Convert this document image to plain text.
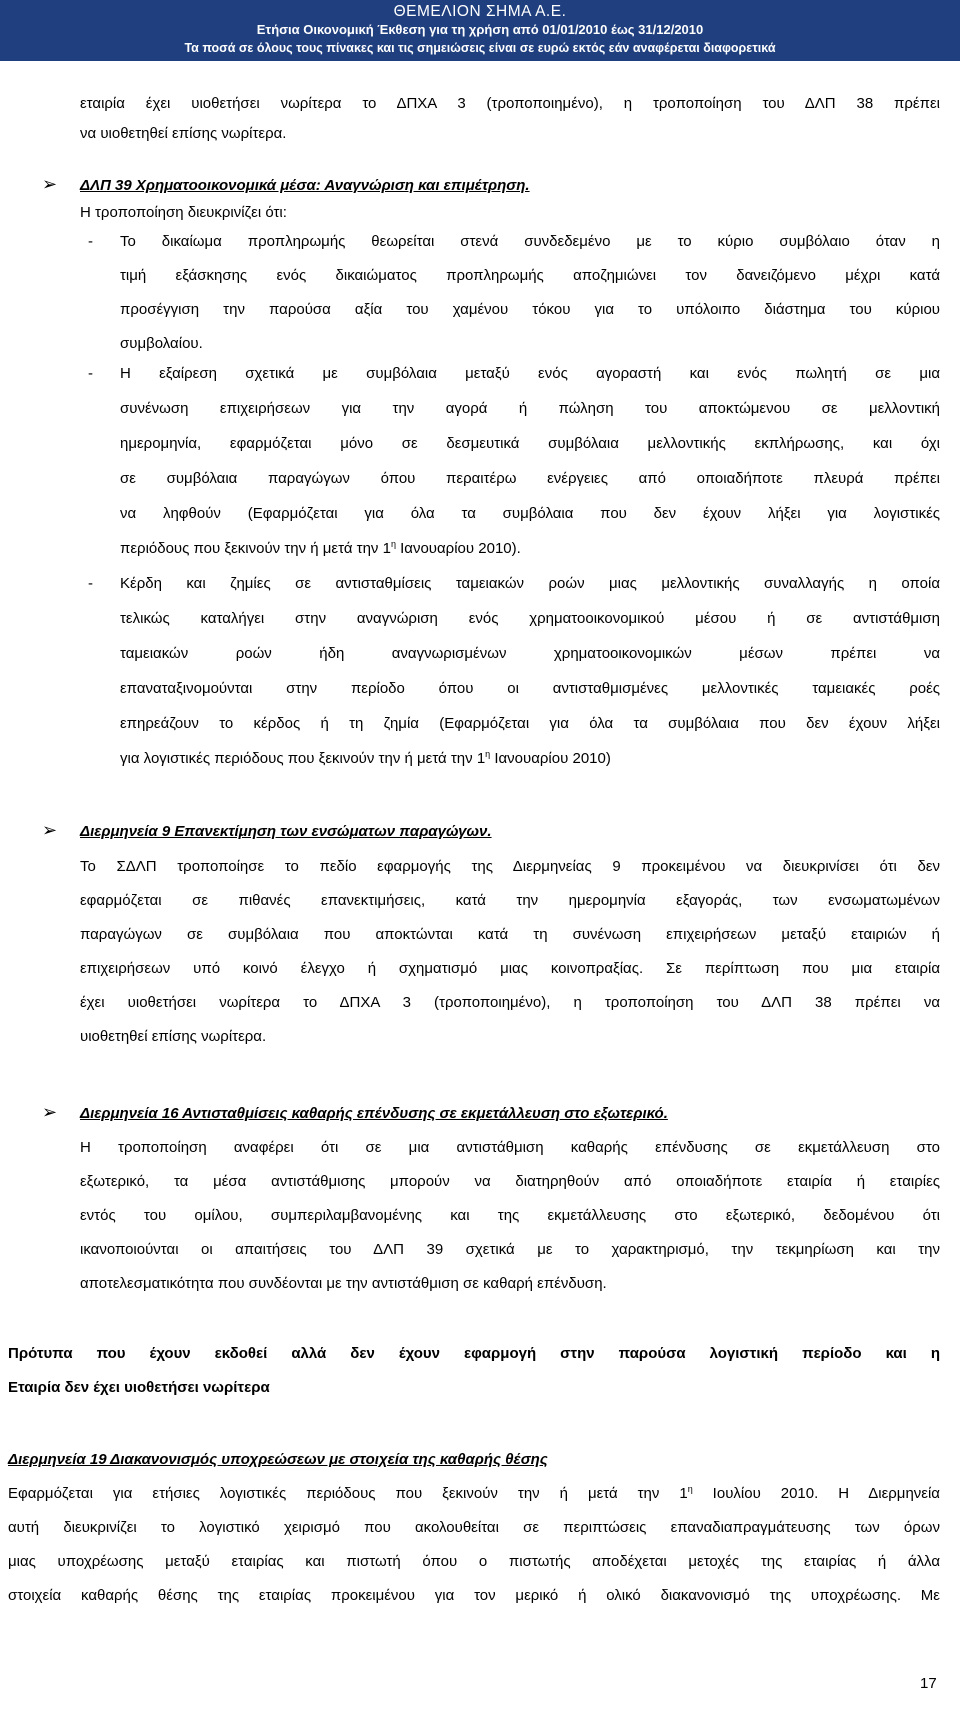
ΘΕΜΕΛΙΟΝ ΣΗΜΑ Α.Ε.
Ετήσια Οικονομική Έκθεση για τη χρήση από 01/01/2010 έως 31/12/2010
Τα ποσά σε όλους τους πίνακες και τις σημειώσεις είναι σε ευρώ εκτός εάν αναφέρεται διαφορετικά
εταιρία έχει υιοθετήσει νωρίτερα το ΔΠΧΑ 3 (τροποποιημένο), η τροποποίηση του ΔΛΠ 38 πρέπει
να υιοθετηθεί επίσης νωρίτερα.
➢ ΔΛΠ 39 Χρηματοοικονομικά μέσα: Αναγνώριση και επιμέτρηση.
Η τροποποίηση διευκρινίζει ότι:
- Το δικαίωμα προπληρωμής θεωρείται στενά συνδεδεμένο με το κύριο συμβόλαιο όταν η
τιμή εξάσκησης ενός δικαιώματος προπληρωμής αποζημιώνει τον δανειζόμενο μέχρι κατά
προσέγγιση την παρούσα αξία του χαμένου τόκου για το υπόλοιπο διάστημα του κύριου
συμβολαίου.
- Η εξαίρεση σχετικά με συμβόλαια μεταξύ ενός αγοραστή και ενός πωλητή σε μια
συνένωση επιχειρήσεων για την αγορά ή πώληση του αποκτώμενου σε μελλοντική
ημερομηνία, εφαρμόζεται μόνο σε δεσμευτικά συμβόλαια μελλοντικής εκπλήρωσης, και όχι
σε συμβόλαια παραγώγων όπου περαιτέρω ενέργειες από οποιαδήποτε πλευρά πρέπει
να ληφθούν (Εφαρμόζεται για όλα τα συμβόλαια που δεν έχουν λήξει για λογιστικές
περιόδους που ξεκινούν την ή μετά την $1^\eta$ Ιανουαρίου 2010).
- Κέρδη και ζημίες σε αντισταθμίσεις ταμειακών ροών μιας μελλοντικής συναλλαγής η οποία
τελικώς καταλήγει στην αναγνώριση ενός χρηματοοικονομικού μέσου ή σε αντιστάθμιση
ταμειακών ροών ήδη αναγνωρισμένων χρηματοοικονομικών μέσων πρέπει να
επαναταξινομούνται στην περίοδο όπου οι αντισταθμισμένες μελλοντικές ταμειακές ροές
επηρεάζουν το κέρδος ή τη ζημία (Εφαρμόζεται για όλα τα συμβόλαια που δεν έχουν λήξει
για λογιστικές περιόδους που ξεκινούν την ή μετά την $1^\eta$ Ιανουαρίου 2010)
➢ Διερμηνεία 9 Επανεκτίμηση των ενσώματων παραγώγων.
Το ΣΔΛΠ τροποποίησε το πεδίο εφαρμογής της Διερμηνείας 9 προκειμένου να διευκρινίσει ότι δεν
εφαρμόζεται σε πιθανές επανεκτιμήσεις, κατά την ημερομηνία εξαγοράς, των ενσωματωμένων
παραγώγων σε συμβόλαια που αποκτώνται κατά τη συνένωση επιχειρήσεων μεταξύ εταιριών ή
επιχειρήσεων υπό κοινό έλεγχο ή σχηματισμό μιας κοινοπραξίας. Σε περίπτωση που μια εταιρία
έχει υιοθετήσει νωρίτερα το ΔΠΧΑ 3 (τροποποιημένο), η τροποποίηση του ΔΛΠ 38 πρέπει να
υιοθετηθεί επίσης νωρίτερα.
➢ Διερμηνεία 16 Αντισταθμίσεις καθαρής επένδυσης σε εκμετάλλευση στο εξωτερικό.
Η τροποποίηση αναφέρει ότι σε μια αντιστάθμιση καθαρής επένδυσης σε εκμετάλλευση στο
εξωτερικό, τα μέσα αντιστάθμισης μπορούν να διατηρηθούν από οποιαδήποτε εταιρία ή εταιρίες
εντός του ομίλου, συμπεριλαμβανομένης και της εκμετάλλευσης στο εξωτερικό, δεδομένου ότι
ικανοποιούνται οι απαιτήσεις του ΔΛΠ 39 σχετικά με το χαρακτηρισμό, την τεκμηρίωση και την
αποτελεσματικότητα που συνδέονται με την αντιστάθμιση σε καθαρή επένδυση.
Πρότυπα που έχουν εκδοθεί αλλά δεν έχουν εφαρμογή στην παρούσα λογιστική περίοδο και η
Εταιρία δεν έχει υιοθετήσει νωρίτερα
Διερμηνεία 19 Διακανονισμός υποχρεώσεων με στοιχεία της καθαρής θέσης
Εφαρμόζεται για ετήσιες λογιστικές περιόδους που ξεκινούν την ή μετά την $1^\eta$ Ιουλίου 2010. Η Διερμηνεία
αυτή διευκρινίζει το λογιστικό χειρισμό που ακολουθείται σε περιπτώσεις επαναδιαπραγμάτευσης των όρων
μιας υποχρέωσης μεταξύ εταιρίας και πιστωτή όπου ο πιστωτής αποδέχεται μετοχές της εταιρίας ή άλλα
στοιχεία καθαρής θέσης της εταιρίας προκειμένου για τον μερικό ή ολικό διακανονισμό της υποχρέωσης. Με
17
